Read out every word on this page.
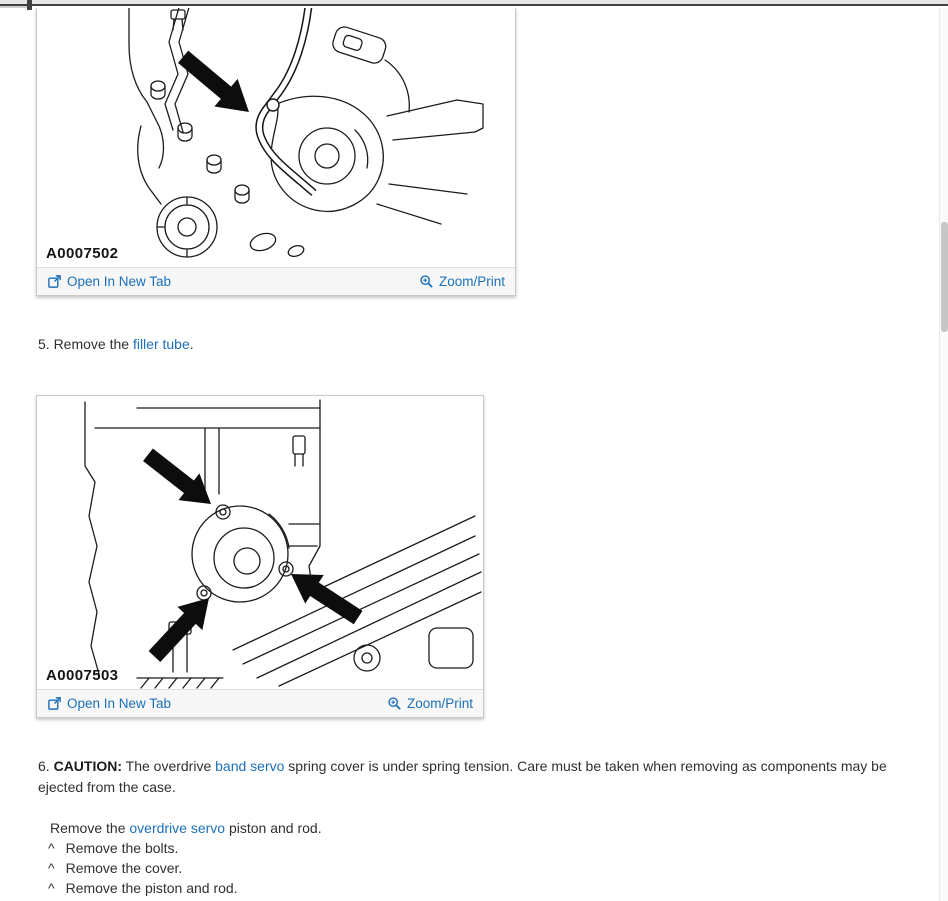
A0007502
Open In New Tab	Zoom/Print

5. Remove the filler tube.

A0007503
Open In New Tab	Zoom/Print

6. CAUTION: The overdrive band servo spring cover is under spring tension. Care must be taken when removing as components may be ejected from the case.

Remove the overdrive servo piston and rod.

^ Remove the bolts.
^ Remove the cover.
^ Remove the piston and rod.
